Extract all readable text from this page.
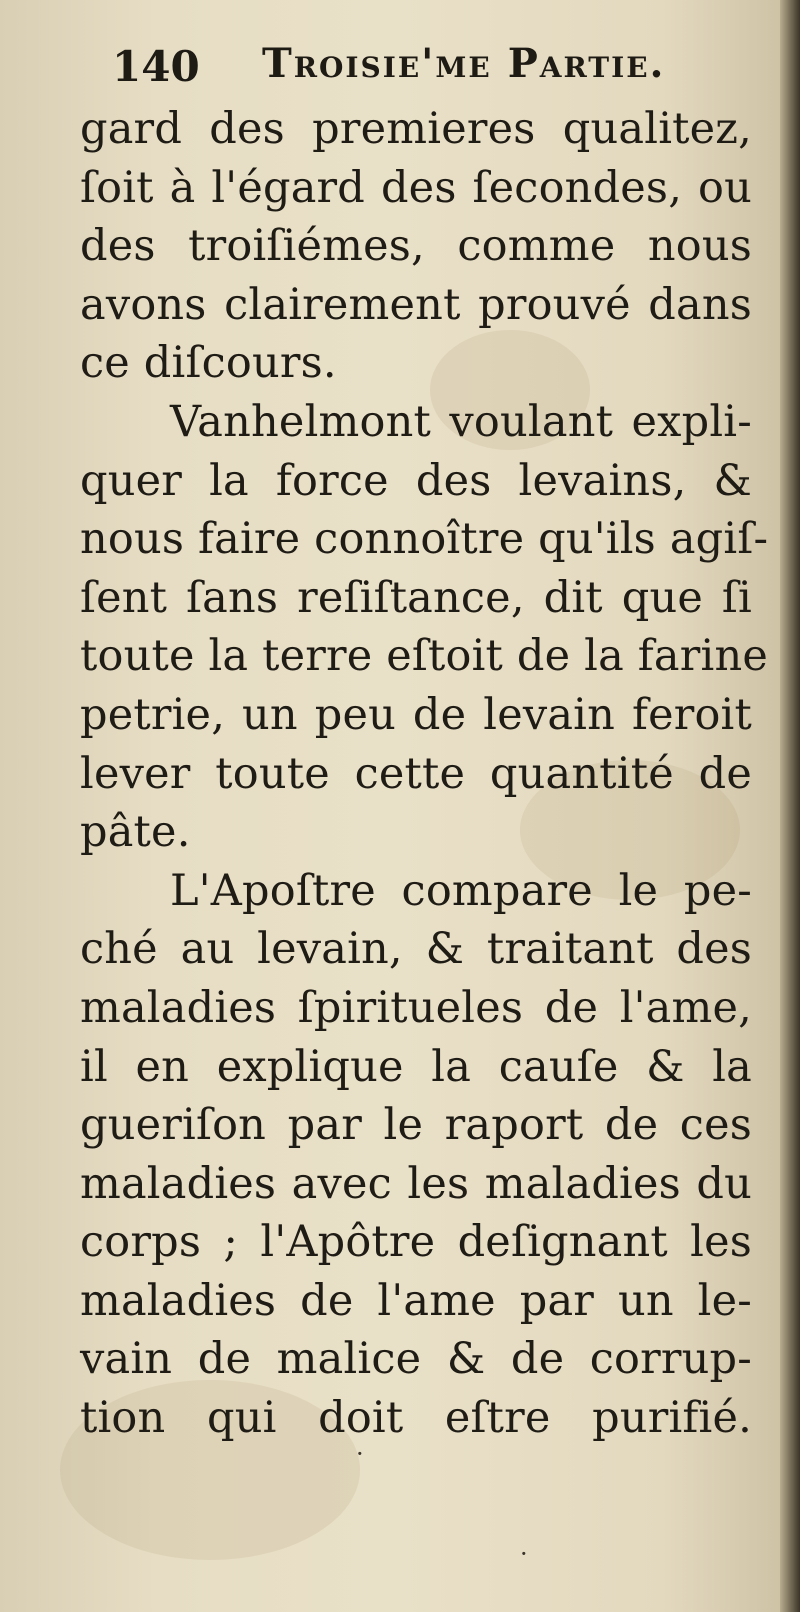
140 Troisie'me Partie.
gard des premieres qualitez,
ſoit à l'égard des ſecondes, ou
des troiſiémes, comme nous
avons clairement prouvé dans
ce diſcours.
Vanhelmont voulant expli-
quer la force des levains, &
nous faire connoître qu'ils agiſ-
ſent ſans reſiſtance, dit que ſi
toute la terre eſtoit de la farine
petrie, un peu de levain feroit
lever toute cette quantité de
pâte.
L'Apoſtre compare le pe-
ché au levain, & traitant des
maladies ſpiritueles de l'ame,
il en explique la cauſe & la
gueriſon par le raport de ces
maladies avec les maladies du
corps ; l'Apôtre deſignant les
maladies de l'ame par un le-
vain de malice & de corrup-
tion qui doit eſtre purifié.
·
·
